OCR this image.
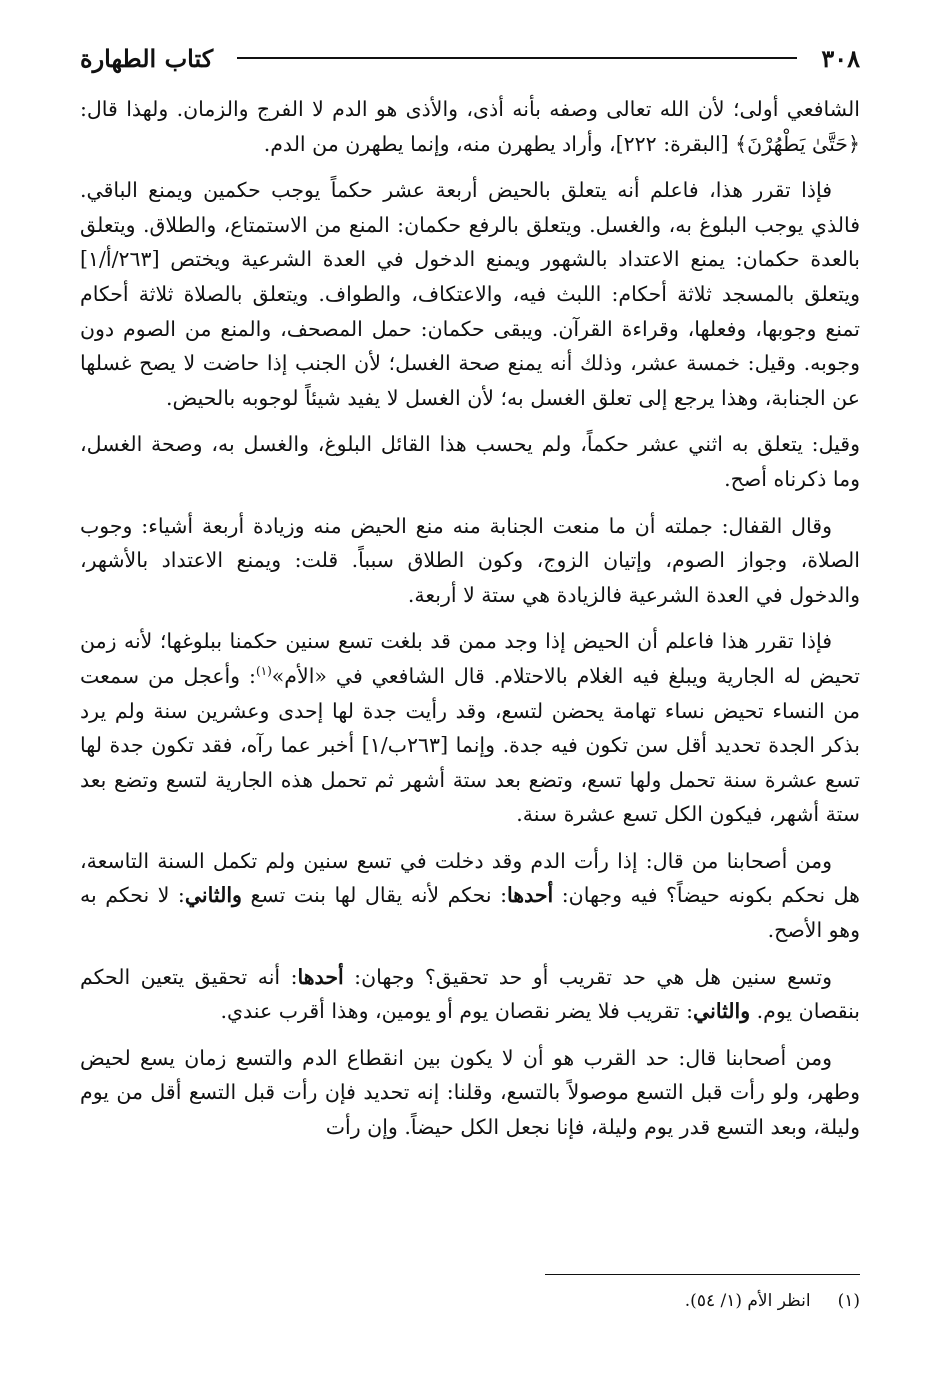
٣٠٨
كتاب الطهارة

الشافعي أولى؛ لأن الله تعالى وصفه بأنه أذى، والأذى هو الدم لا الفرج والزمان. ولهذا قال: ﴿حَتَّىٰ يَطْهُرْنَ﴾ [البقرة: ٢٢٢]، وأراد يطهرن منه، وإنما يطهرن من الدم.

فإذا تقرر هذا، فاعلم أنه يتعلق بالحيض أربعة عشر حكماً يوجب حكمين ويمنع الباقي. فالذي يوجب البلوغ به، والغسل. ويتعلق بالرفع حكمان: المنع من الاستمتاع، والطلاق. ويتعلق بالعدة حكمان: يمنع الاعتداد بالشهور ويمنع الدخول في العدة الشرعية ويختص [٢٦٣/أ/١] ويتعلق بالمسجد ثلاثة أحكام: اللبث فيه، والاعتكاف، والطواف. ويتعلق بالصلاة ثلاثة أحكام تمنع وجوبها، وفعلها، وقراءة القرآن. ويبقى حكمان: حمل المصحف، والمنع من الصوم دون وجوبه. وقيل: خمسة عشر، وذلك أنه يمنع صحة الغسل؛ لأن الجنب إذا حاضت لا يصح غسلها عن الجنابة، وهذا يرجع إلى تعلق الغسل به؛ لأن الغسل لا يفيد شيئاً لوجوبه بالحيض.

وقيل: يتعلق به اثني عشر حكماً، ولم يحسب هذا القائل البلوغ، والغسل به، وصحة الغسل، وما ذكرناه أصح.

وقال القفال: جملته أن ما منعت الجنابة منه منع الحيض منه وزيادة أربعة أشياء: وجوب الصلاة، وجواز الصوم، وإتيان الزوج، وكون الطلاق سبباً. قلت: ويمنع الاعتداد بالأشهر، والدخول في العدة الشرعية فالزيادة هي ستة لا أربعة.

فإذا تقرر هذا فاعلم أن الحيض إذا وجد ممن قد بلغت تسع سنين حكمنا ببلوغها؛ لأنه زمن تحيض له الجارية ويبلغ فيه الغلام بالاحتلام. قال الشافعي في «الأم»$^{(١)}$: وأعجل من سمعت من النساء تحيض نساء تهامة يحضن لتسع، وقد رأيت جدة لها إحدى وعشرين سنة ولم يرد بذكر الجدة تحديد أقل سن تكون فيه جدة. وإنما [٢٦٣ب/١] أخبر عما رآه، فقد تكون جدة لها تسع عشرة سنة تحمل ولها تسع، وتضع بعد ستة أشهر ثم تحمل هذه الجارية لتسع وتضع بعد ستة أشهر، فيكون الكل تسع عشرة سنة.

ومن أصحابنا من قال: إذا رأت الدم وقد دخلت في تسع سنين ولم تكمل السنة التاسعة، هل نحكم بكونه حيضاً؟ فيه وجهان: أحدها: نحكم لأنه يقال لها بنت تسع والثاني: لا نحكم به وهو الأصح.

وتسع سنين هل هي حد تقريب أو حد تحقيق؟ وجهان: أحدها: أنه تحقيق يتعين الحكم بنقصان يوم. والثاني: تقريب فلا يضر نقصان يوم أو يومين، وهذا أقرب عندي.

ومن أصحابنا قال: حد القرب هو أن لا يكون بين انقطاع الدم والتسع زمان يسع لحيض وطهر، ولو رأت قبل التسع موصولاً بالتسع، وقلنا: إنه تحديد فإن رأت قبل التسع أقل من يوم وليلة، وبعد التسع قدر يوم وليلة، فإنا نجعل الكل حيضاً. وإن رأت

(١)     انظر الأم (١/ ٥٤).
